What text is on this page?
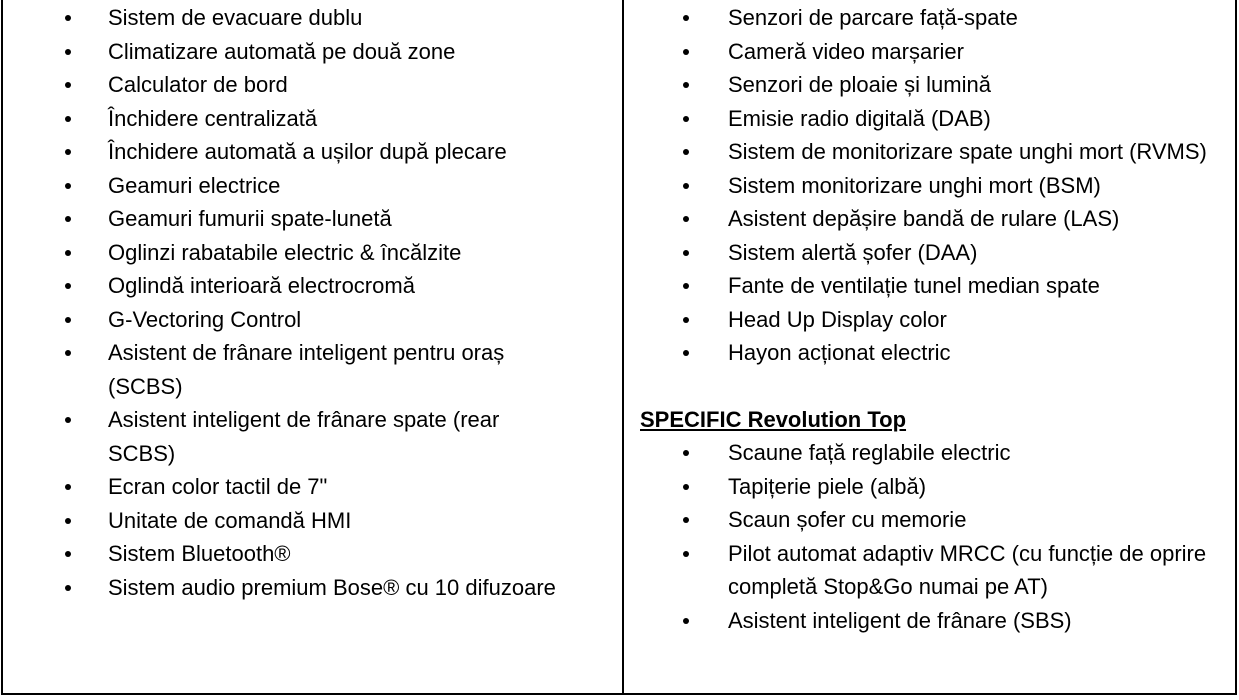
Sistem de evacuare dublu
Climatizare automată pe două zone
Calculator de bord
Închidere centralizată
Închidere automată a ușilor după plecare
Geamuri electrice
Geamuri fumurii spate-lunetă
Oglinzi rabatabile electric & încălzite
Oglindă interioară electrocromă
G-Vectoring Control
Asistent de frânare inteligent pentru oraș (SCBS)
Asistent inteligent de frânare spate (rear SCBS)
Ecran color tactil de 7"
Unitate de comandă HMI
Sistem Bluetooth®
Sistem audio premium Bose® cu 10 difuzoare
Senzori de parcare față-spate
Cameră video marșarier
Senzori de ploaie și lumină
Emisie radio digitală (DAB)
Sistem de monitorizare spate unghi mort (RVMS)
Sistem monitorizare unghi mort (BSM)
Asistent depășire bandă de rulare (LAS)
Sistem alertă șofer (DAA)
Fante de ventilație tunel median spate
Head Up Display color
Hayon acționat electric
SPECIFIC Revolution Top
Scaune față reglabile electric
Tapițerie piele (albă)
Scaun șofer cu memorie
Pilot automat adaptiv MRCC (cu funcție de oprire completă Stop&Go numai pe AT)
Asistent inteligent de frânare (SBS)
